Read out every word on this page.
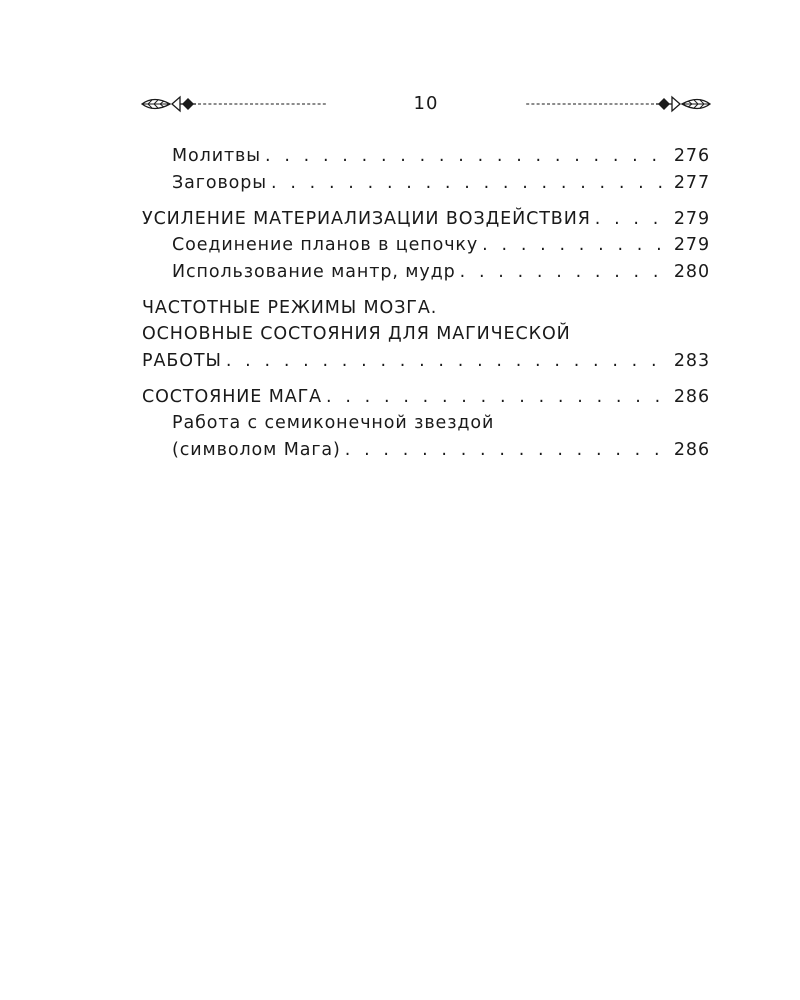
10
Молитвы . . .	276
Заговоры . . .	277
УСИЛЕНИЕ МАТЕРИАЛИЗАЦИИ ВОЗДЕЙСТВИЯ . . .	279
Соединение планов в цепочку . . .	279
Использование мантр, мудр . . .	280
ЧАСТОТНЫЕ РЕЖИМЫ МОЗГА.
ОСНОВНЫЕ СОСТОЯНИЯ ДЛЯ МАГИЧЕСКОЙ
РАБОТЫ . . .	283
СОСТОЯНИЕ МАГА . . .	286
Работа с семиконечной звездой
(символом Мага) . . .	286
